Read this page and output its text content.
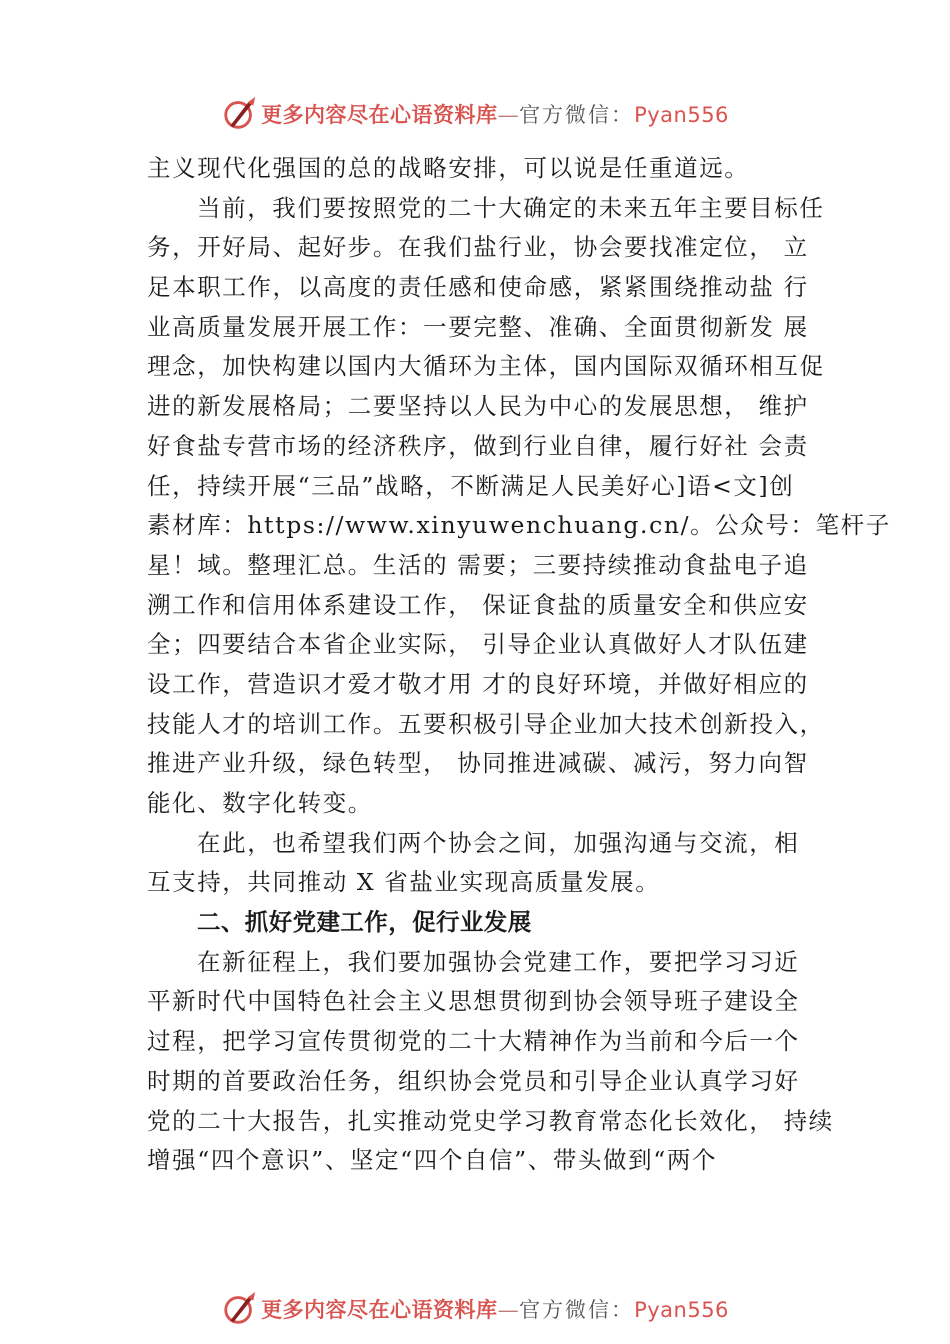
更多内容尽在心语资料库—官方微信：Pyan556
主义现代化强国的总的战略安排，可以说是任重道远。
当前，我们要按照党的二十大确定的未来五年主要目标任
务，开好局、起好步。在我们盐行业，协会要找准定位， 立
足本职工作，以高度的责任感和使命感，紧紧围绕推动盐 行
业高质量发展开展工作：一要完整、准确、全面贯彻新发 展
理念，加快构建以国内大循环为主体，国内国际双循环相互促
进的新发展格局；二要坚持以人民为中心的发展思想， 维护
好食盐专营市场的经济秩序，做到行业自律，履行好社 会责
任，持续开展“三品”战略，不断满足人民美好心]语<文]创
素材库：https://www.xinyuwenchuang.cn/。公众号：笔杆子
星！域。整理汇总。生活的 需要；三要持续推动食盐电子追
溯工作和信用体系建设工作， 保证食盐的质量安全和供应安
全；四要结合本省企业实际， 引导企业认真做好人才队伍建
设工作，营造识才爱才敬才用 才的良好环境，并做好相应的
技能人才的培训工作。五要积极引导企业加大技术创新投入，
推进产业升级，绿色转型， 协同推进减碳、减污，努力向智
能化、数字化转变。
在此，也希望我们两个协会之间，加强沟通与交流，相
互支持，共同推动 X 省盐业实现高质量发展。
二、抓好党建工作，促行业发展
在新征程上，我们要加强协会党建工作，要把学习习近
平新时代中国特色社会主义思想贯彻到协会领导班子建设全
过程，把学习宣传贯彻党的二十大精神作为当前和今后一个
时期的首要政治任务，组织协会党员和引导企业认真学习好
党的二十大报告，扎实推动党史学习教育常态化长效化， 持续
增强“四个意识”、坚定“四个自信”、带头做到“两个
更多内容尽在心语资料库—官方微信：Pyan556
